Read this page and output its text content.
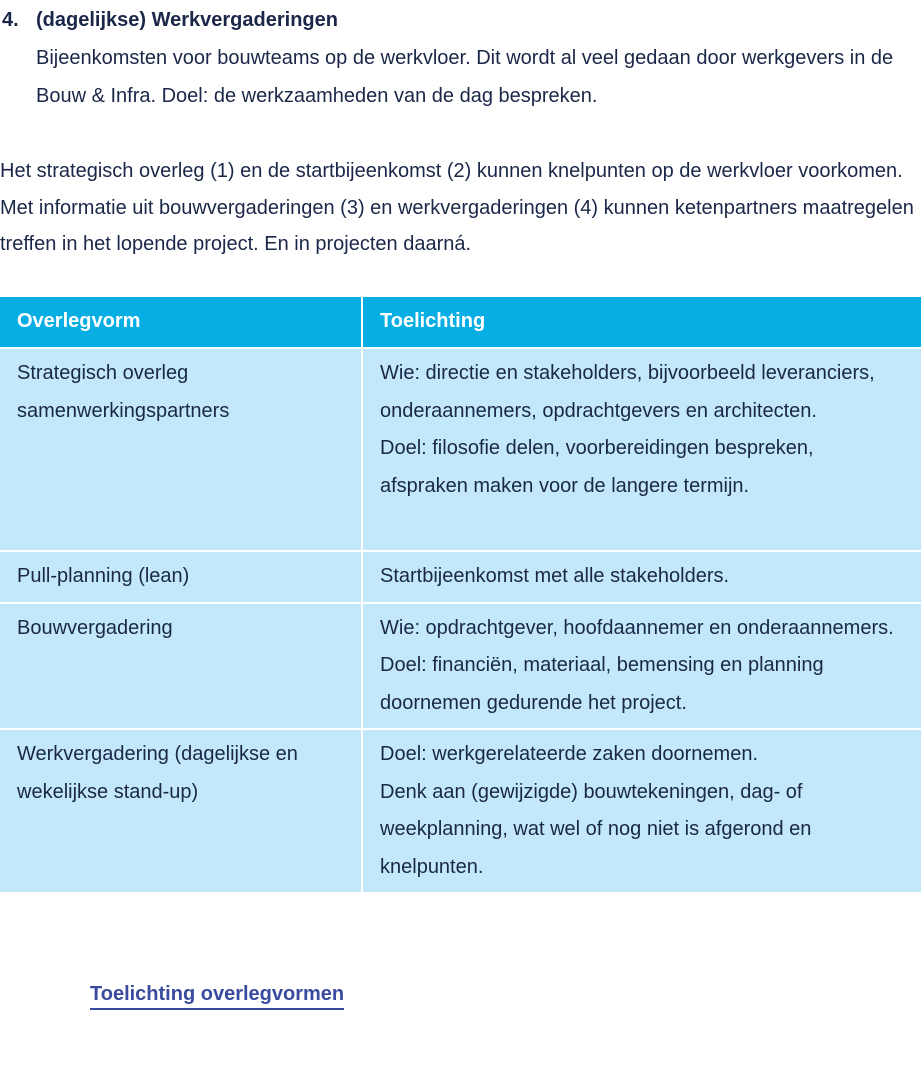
4. (dagelijkse) Werkvergaderingen
Bijeenkomsten voor bouwteams op de werkvloer. Dit wordt al veel gedaan door werkgevers in de Bouw & Infra. Doel: de werkzaamheden van de dag bespreken.
Het strategisch overleg (1) en de startbijeenkomst (2) kunnen knelpunten op de werkvloer voorkomen. Met informatie uit bouwvergaderingen (3) en werkvergaderingen (4) kunnen ketenpartners maatregelen treffen in het lopende project. En in projecten daarná.
Overlegvorm	Toelichting
Strategisch overleg samenwerkingspartners	Wie: directie en stakeholders, bijvoorbeeld leveranciers, onderaannemers, opdrachtgevers en architecten.
Doel: filosofie delen, voorbereidingen bespreken, afspraken maken voor de langere termijn.

Pull-planning (lean)	Startbijeenkomst met alle stakeholders.

Bouwvergadering	Wie: opdrachtgever, hoofdaannemer en onderaannemers.
Doel: financiën, materiaal, bemensing en planning doornemen gedurende het project.

Werkvergadering (dagelijkse en wekelijkse stand-up)	Doel: werkgerelateerde zaken doornemen.
Denk aan (gewijzigde) bouwtekeningen, dag- of weekplanning, wat wel of nog niet is afgerond en knelpunten.
Toelichting overlegvormen
